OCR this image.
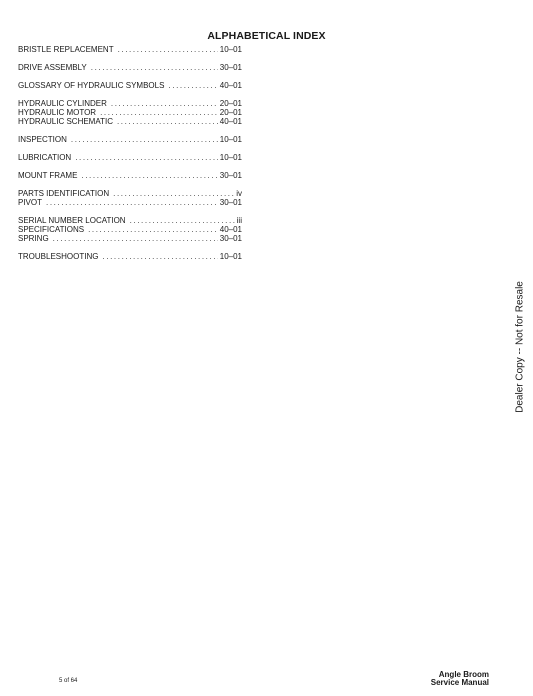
ALPHABETICAL INDEX
BRISTLE REPLACEMENT .....	10–01
DRIVE ASSEMBLY .....	30–01
GLOSSARY OF HYDRAULIC SYMBOLS .....	40–01
HYDRAULIC CYLINDER .....	20–01
HYDRAULIC MOTOR .....	20–01
HYDRAULIC SCHEMATIC .....	40–01
INSPECTION .....	10–01
LUBRICATION .....	10–01
MOUNT FRAME .....	30–01
PARTS IDENTIFICATION .....	iv
PIVOT .....	30–01
SERIAL NUMBER LOCATION .....	iii
SPECIFICATIONS .....	40–01
SPRING .....	30–01
TROUBLESHOOTING .....	10–01
Dealer Copy -- Not for Resale
5 of 64
Angle Broom
Service Manual
